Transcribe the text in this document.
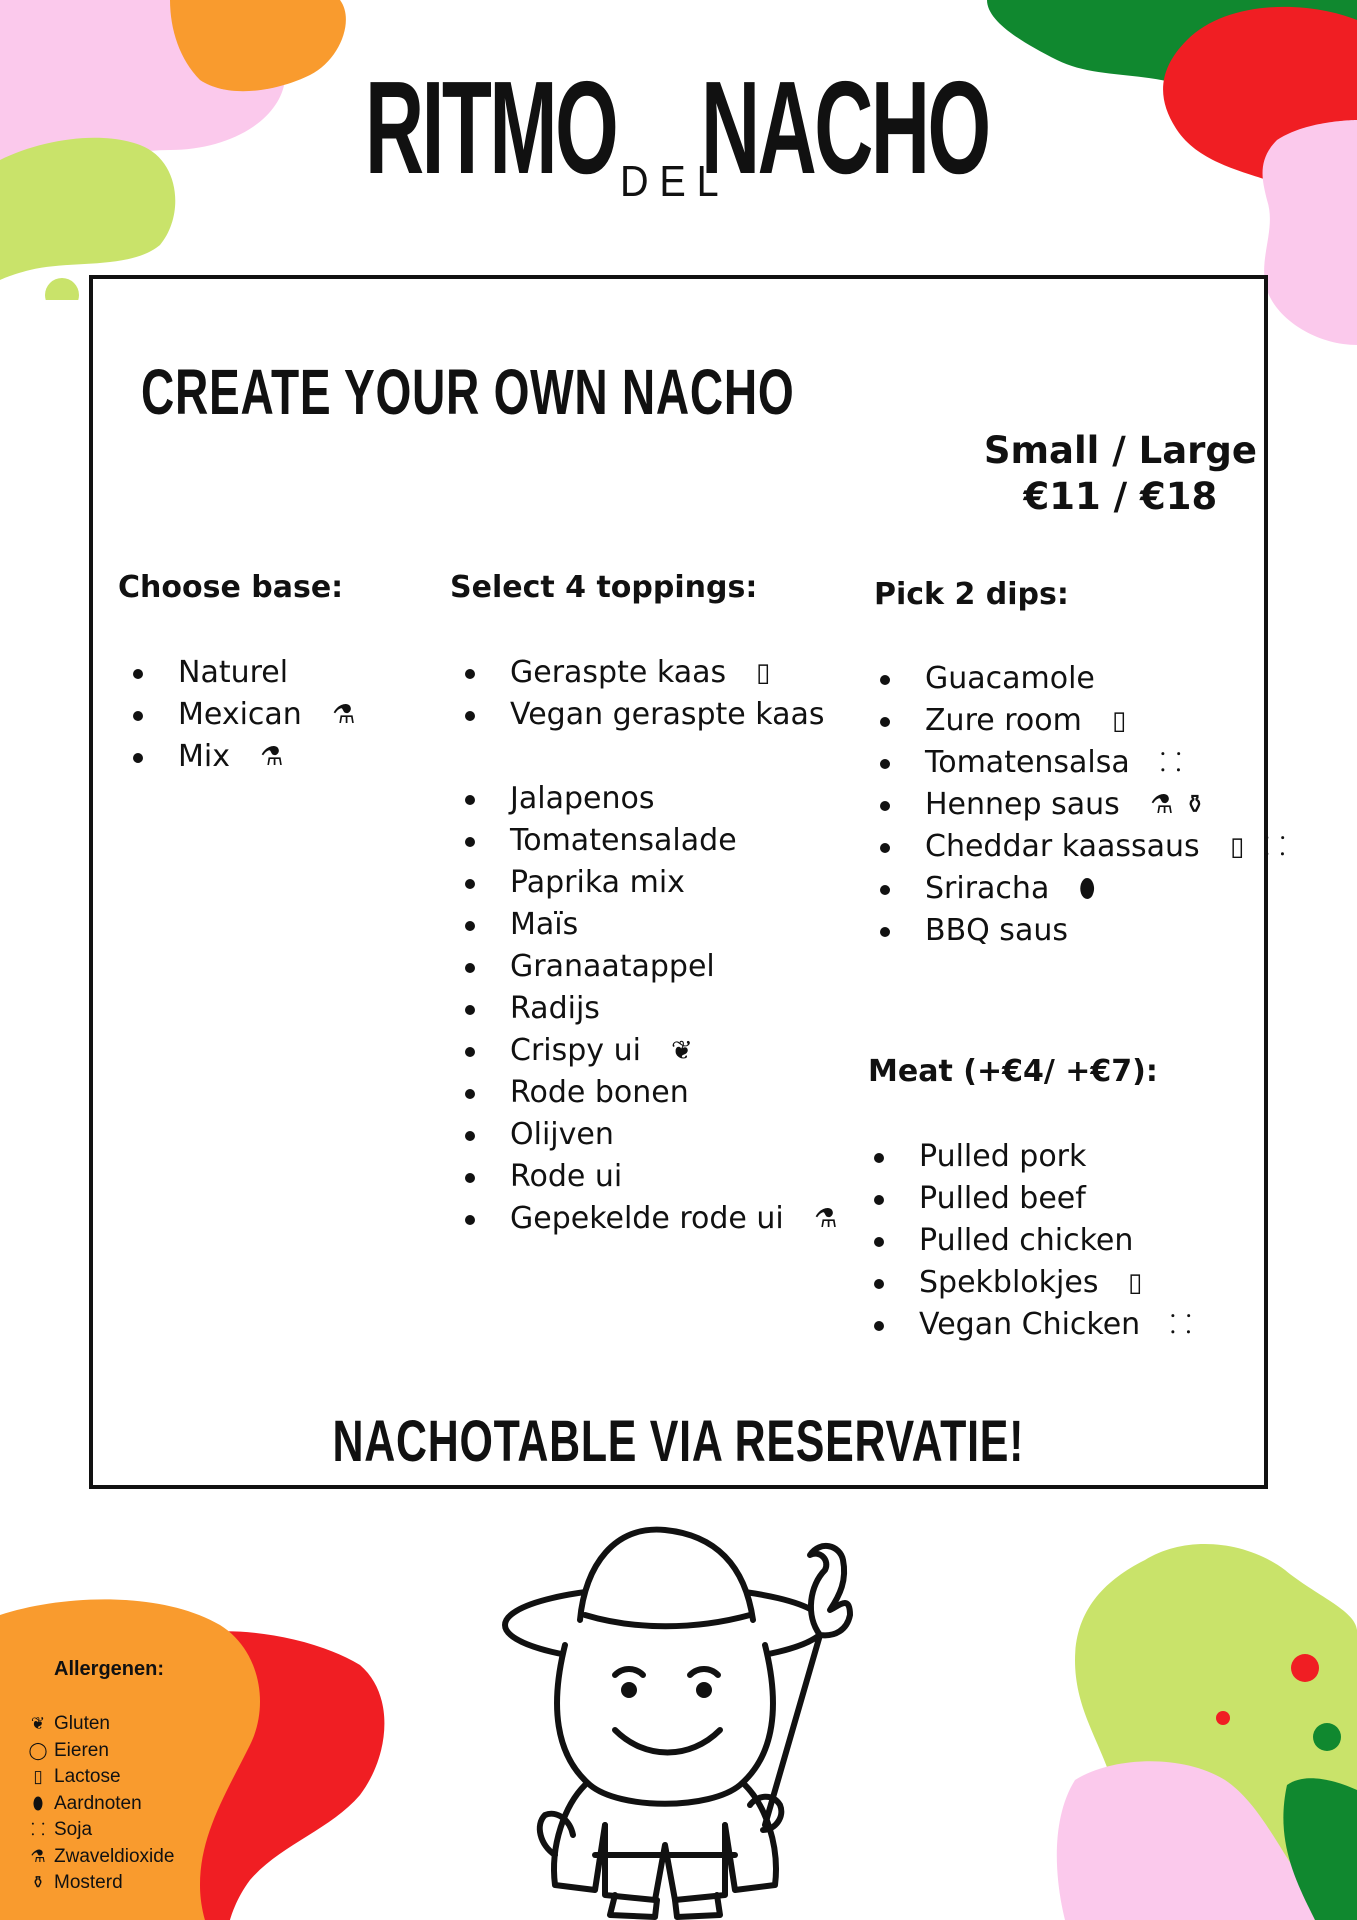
RITMO DEL
NACHO
CREATE YOUR OWN NACHO
Small / Large
€11 / €18
Choose base:
Naturel
Mexican ⚗
Mix ⚗
Select 4 toppings:
Geraspte kaas ▯
Vegan geraspte kaas
Jalapenos
Tomatensalade
Paprika mix
Maïs
Granaatappel
Radijs
Crispy ui ❦
Rode bonen
Olijven
Rode ui
Gepekelde rode ui ⚗
Pick 2 dips:
Guacamole
Zure room ▯
Tomatensalsa ⸬
Hennep saus ⚗ ⚱
Cheddar kaassaus ▯ ⸬
Sriracha ⬮
BBQ saus
Meat (+€4/ +€7):
Pulled pork
Pulled beef
Pulled chicken
Spekblokjes ▯
Vegan Chicken ⸬
NACHOTABLE VIA RESERVATIE!
Allergenen:
❦ Gluten
◯ Eieren
▯ Lactose
⬮ Aardnoten
⸬ Soja
⚗ Zwaveldioxide
⚱ Mosterd
